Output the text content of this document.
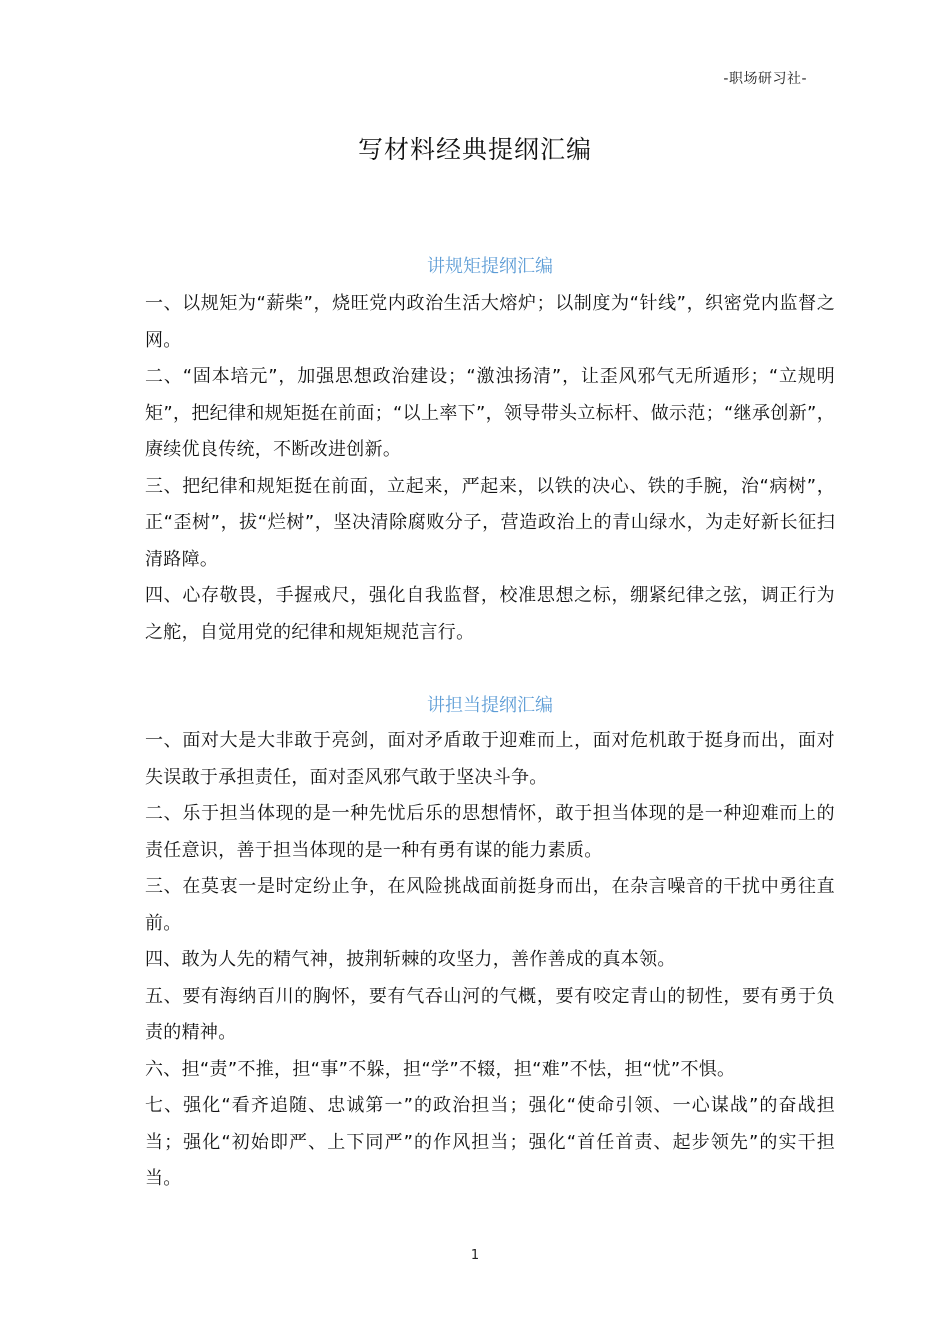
-职场研习社-
写材料经典提纲汇编
讲规矩提纲汇编
一、以规矩为“薪柴”，烧旺党内政治生活大熔炉；以制度为“针线”，织密党内监督之网。
二、“固本培元”，加强思想政治建设；“激浊扬清”，让歪风邪气无所遁形；“立规明矩”，把纪律和规矩挺在前面；“以上率下”，领导带头立标杆、做示范；“继承创新”，赓续优良传统，不断改进创新。
三、把纪律和规矩挺在前面，立起来，严起来，以铁的决心、铁的手腕，治“病树”，正“歪树”，拔“烂树”，坚决清除腐败分子，营造政治上的青山绿水，为走好新长征扫清路障。
四、心存敬畏，手握戒尺，强化自我监督，校准思想之标，绷紧纪律之弦，调正行为之舵，自觉用党的纪律和规矩规范言行。
讲担当提纲汇编
一、面对大是大非敢于亮剑，面对矛盾敢于迎难而上，面对危机敢于挺身而出，面对失误敢于承担责任，面对歪风邪气敢于坚决斗争。
二、乐于担当体现的是一种先忧后乐的思想情怀，敢于担当体现的是一种迎难而上的责任意识，善于担当体现的是一种有勇有谋的能力素质。
三、在莫衷一是时定纷止争，在风险挑战面前挺身而出，在杂言噪音的干扰中勇往直前。
四、敢为人先的精气神，披荆斩棘的攻坚力，善作善成的真本领。
五、要有海纳百川的胸怀，要有气吞山河的气概，要有咬定青山的韧性，要有勇于负责的精神。
六、担“责”不推，担“事”不躲，担“学”不辍，担“难”不怯，担“忧”不惧。
七、强化“看齐追随、忠诚第一”的政治担当；强化“使命引领、一心谋战”的奋战担当；强化“初始即严、上下同严”的作风担当；强化“首任首责、起步领先”的实干担当。
1
